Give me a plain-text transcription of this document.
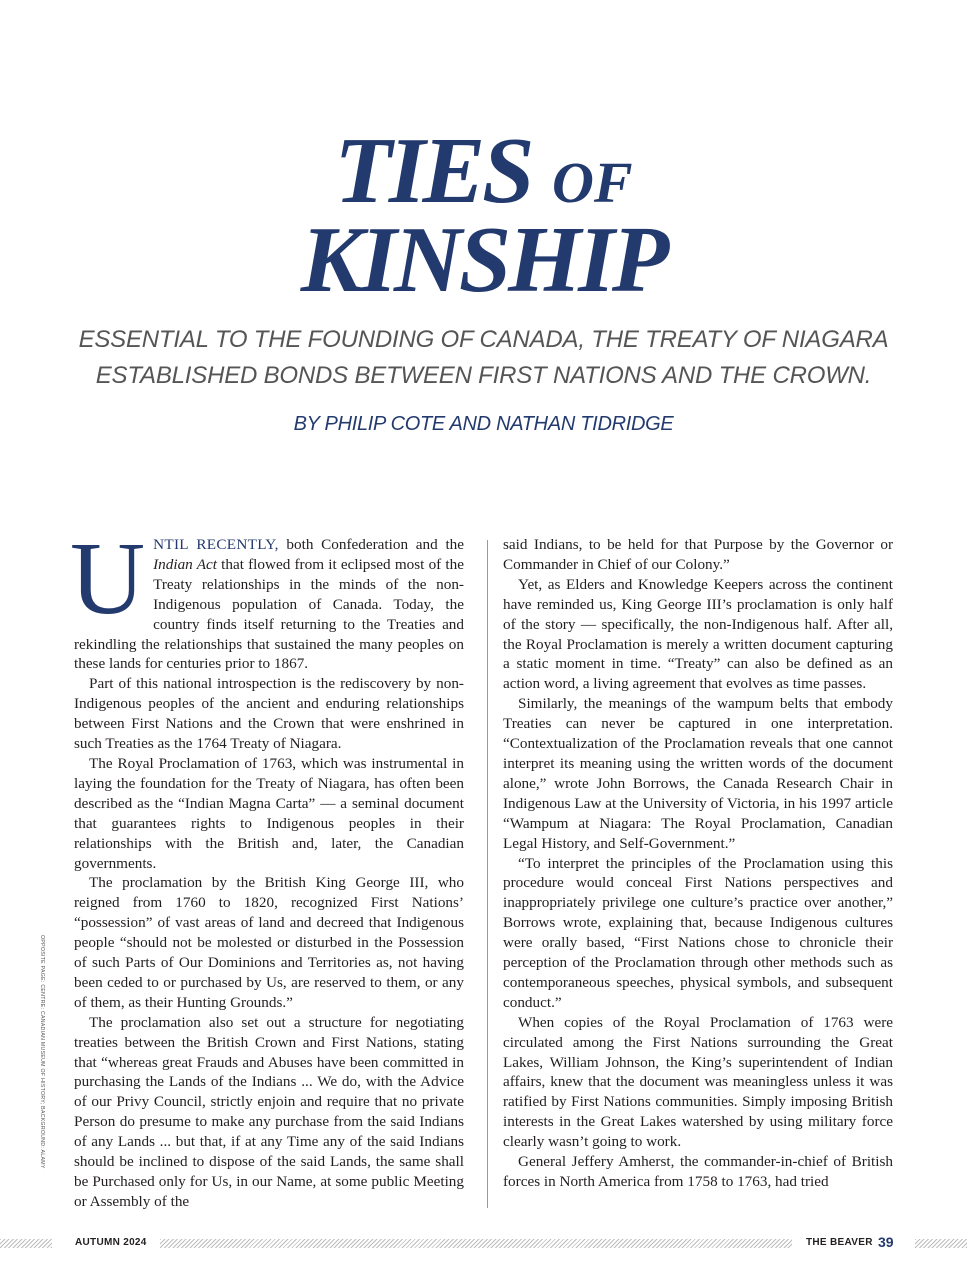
TIES OF
KINSHIP
ESSENTIAL TO THE FOUNDING OF CANADA, THE TREATY OF NIAGARA
ESTABLISHED BONDS BETWEEN FIRST NATIONS AND THE CROWN.
BY PHILIP COTE AND NATHAN TIDRIDGE
OPPOSITE PAGE: CENTRE: CANADIAN MUSEUM OF HISTORY; BACKGROUND: ALAMY

UNTIL RECENTLY, both Confederation and the Indian Act that flowed from it eclipsed most of the Treaty relationships in the minds of the non-Indigenous population of Canada. Today, the country finds itself returning to the Treaties and rekindling the relationships that sustained the many peoples on these lands for centuries prior to 1867.

Part of this national introspection is the rediscovery by non-Indigenous peoples of the ancient and enduring relationships between First Nations and the Crown that were enshrined in such Treaties as the 1764 Treaty of Niagara.

The Royal Proclamation of 1763, which was instrumental in laying the foundation for the Treaty of Niagara, has often been described as the “Indian Magna Carta” — a seminal document that guarantees rights to Indigenous peoples in their relationships with the British and, later, the Canadian governments.

The proclamation by the British King George III, who reigned from 1760 to 1820, recognized First Nations’ “possession” of vast areas of land and decreed that Indigenous people “should not be molested or disturbed in the Possession of such Parts of Our Dominions and Territories as, not having been ceded to or purchased by Us, are reserved to them, or any of them, as their Hunting Grounds.”

The proclamation also set out a structure for negotiating treaties between the British Crown and First Nations, stating that “whereas great Frauds and Abuses have been committed in purchasing the Lands of the Indians ... We do, with the Advice of our Privy Council, strictly enjoin and require that no private Person do presume to make any purchase from the said Indians of any Lands ... but that, if at any Time any of the said Indians should be inclined to dispose of the said Lands, the same shall be Purchased only for Us, in our Name, at some public Meeting or Assembly of the

said Indians, to be held for that Purpose by the Governor or Commander in Chief of our Colony.”

Yet, as Elders and Knowledge Keepers across the continent have reminded us, King George III’s proclamation is only half of the story — specifically, the non-Indigenous half. After all, the Royal Proclamation is merely a written document capturing a static moment in time. “Treaty” can also be defined as an action word, a living agreement that evolves as time passes.

Similarly, the meanings of the wampum belts that embody Treaties can never be captured in one interpretation. “Contextualization of the Proclamation reveals that one cannot interpret its meaning using the written words of the document alone,” wrote John Borrows, the Canada Research Chair in Indigenous Law at the University of Victoria, in his 1997 article “Wampum at Niagara: The Royal Proclamation, Canadian Legal History, and Self-Government.”

“To interpret the principles of the Proclamation using this procedure would conceal First Nations perspectives and inappropriately privilege one culture’s practice over another,” Borrows wrote, explaining that, because Indigenous cultures were orally based, “First Nations chose to chronicle their perception of the Proclamation through other methods such as contemporaneous speeches, physical symbols, and subsequent conduct.”

When copies of the Royal Proclamation of 1763 were circulated among the First Nations surrounding the Great Lakes, William Johnson, the King’s superintendent of Indian affairs, knew that the document was meaningless unless it was ratified by First Nations communities. Simply imposing British interests in the Great Lakes watershed by using military force clearly wasn’t going to work.

General Jeffery Amherst, the commander-in-chief of British forces in North America from 1758 to 1763, had tried

AUTUMN 2024	THE BEAVER 39
